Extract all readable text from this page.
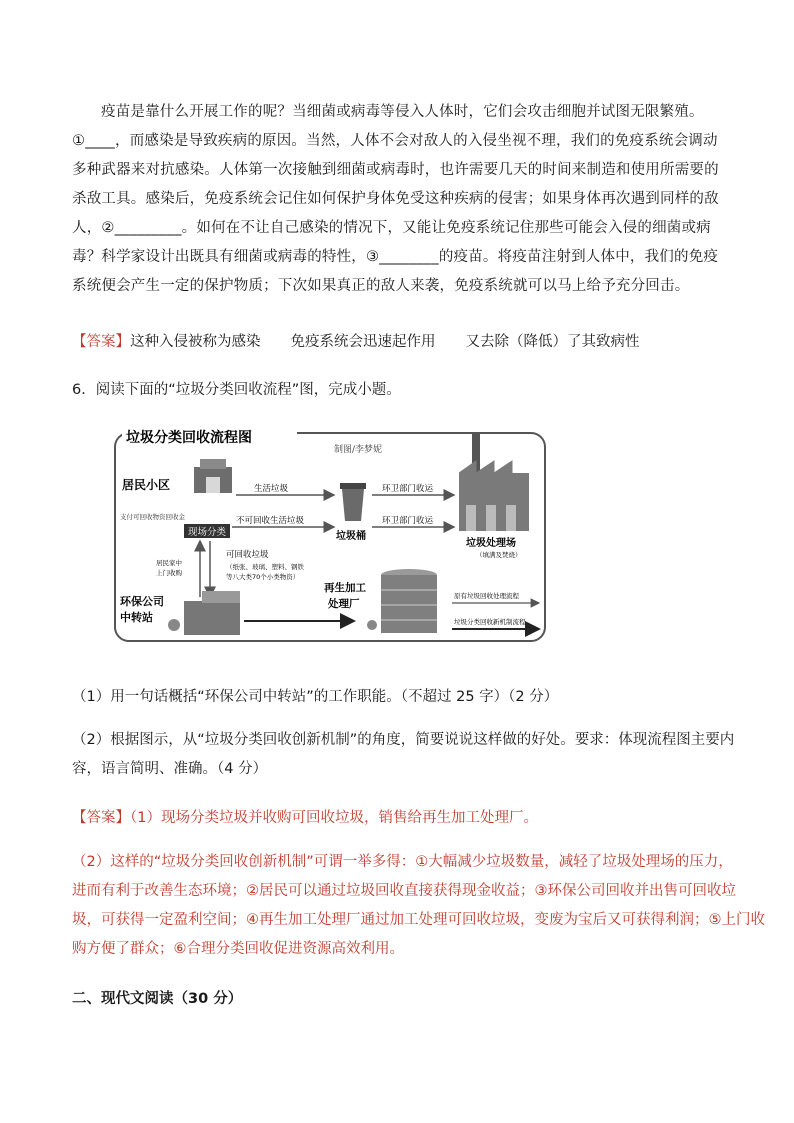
疫苗是靠什么开展工作的呢？当细菌或病毒等侵入人体时，它们会攻击细胞并试图无限繁殖。①____，而感染是导致疾病的原因。当然，人体不会对敌人的入侵坐视不理，我们的免疫系统会调动多种武器来对抗感染。人体第一次接触到细菌或病毒时，也许需要几天的时间来制造和使用所需要的杀敌工具。感染后，免疫系统会记住如何保护身体免受这种疾病的侵害；如果身体再次遇到同样的敌人，②_________。如何在不让自己感染的情况下，又能让免疫系统记住那些可能会入侵的细菌或病毒？科学家设计出既具有细菌或病毒的特性，③________的疫苗。将疫苗注射到人体中，我们的免疫系统便会产生一定的保护物质；下次如果真正的敌人来袭，免疫系统就可以马上给予充分回击。
【答案】这种入侵被称为感染 免疫系统会迅速起作用 又去除（降低）了其致病性
6．阅读下面的“垃圾分类回收流程”图，完成小题。
垃圾分类回收流程图
制图/李梦妮
居民小区
支付可回收物资回收金
现场分类
生活垃圾
不可回收生活垃圾
垃圾桶
环卫部门收运
环卫部门收运
垃圾处理场
（填满及焚烧）
居民家中
上门收购
可回收垃圾
（纸张、玻璃、塑料、钢铁
等八大类70个小类物资）
环保公司
中转站
再生加工
处理厂
原有垃圾回收处理流程
垃圾分类回收新机制流程
（1）用一句话概括“环保公司中转站”的工作职能。（不超过 25 字）（2 分）
（2）根据图示，从“垃圾分类回收创新机制”的角度，简要说说这样做的好处。要求：体现流程图主要内
容，语言简明、准确。（4 分）
【答案】（1）现场分类垃圾并收购可回收垃圾，销售给再生加工处理厂。
（2）这样的“垃圾分类回收创新机制”可谓一举多得：①大幅减少垃圾数量，减轻了垃圾处理场的压力，
进而有利于改善生态环境；②居民可以通过垃圾回收直接获得现金收益；③环保公司回收并出售可回收垃
圾，可获得一定盈利空间；④再生加工处理厂通过加工处理可回收垃圾，变废为宝后又可获得利润；⑤上门收
购方便了群众；⑥合理分类回收促进资源高效利用。
二、现代文阅读（30 分）
